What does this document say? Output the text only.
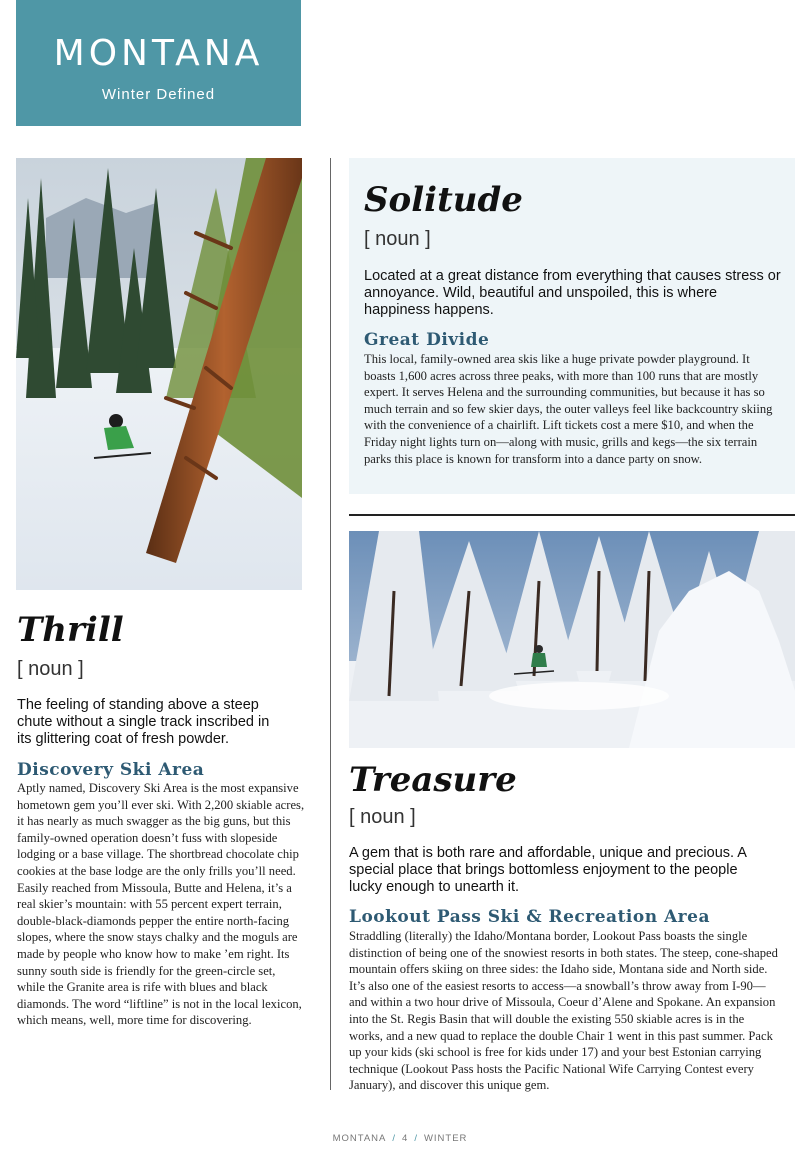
MONTANA
Winter Defined
Solitude
[ noun ]
Located at a great distance from everything that causes stress or annoyance. Wild, beautiful and unspoiled, this is where happiness happens.
Great Divide
This local, family-owned area skis like a huge private powder playground. It boasts 1,600 acres across three peaks, with more than 100 runs that are mostly expert. It serves Helena and the surrounding communities, but because it has so much terrain and so few skier days, the outer valleys feel like backcountry skiing with the convenience of a chairlift. Lift tickets cost a mere $10, and when the Friday night lights turn on—along with music, grills and kegs—the six terrain parks this place is known for transform into a dance party on snow.
Thrill
[ noun ]
The feeling of standing above a steep chute without a single track inscribed in its glittering coat of fresh powder.
Discovery Ski Area
Aptly named, Discovery Ski Area is the most expansive hometown gem you’ll ever ski. With 2,200 skiable acres, it has nearly as much swagger as the big guns, but this family-owned operation doesn’t fuss with slopeside lodging or a base village. The shortbread chocolate chip cookies at the base lodge are the only frills you’ll need. Easily reached from Missoula, Butte and Helena, it’s a real skier’s mountain: with 55 percent expert terrain, double-black-diamonds pepper the entire north-facing slopes, where the snow stays chalky and the moguls are made by people who know how to make ’em right. Its sunny south side is friendly for the green-circle set, while the Granite area is rife with blues and black diamonds. The word “liftline” is not in the local lexicon, which means, well, more time for discovering.
Treasure
[ noun ]
A gem that is both rare and affordable, unique and precious. A special place that brings bottomless enjoyment to the people lucky enough to unearth it.
Lookout Pass Ski & Recreation Area
Straddling (literally) the Idaho/Montana border, Lookout Pass boasts the single distinction of being one of the snowiest resorts in both states. The steep, cone-shaped mountain offers skiing on three sides: the Idaho side, Montana side and North side. It’s also one of the easiest resorts to access—a snowball’s throw away from I-90—and within a two hour drive of Missoula, Coeur d’Alene and Spokane. An expansion into the St. Regis Basin that will double the existing 550 skiable acres is in the works, and a new quad to replace the double Chair 1 went in this past summer. Pack up your kids (ski school is free for kids under 17) and your best Estonian carrying technique (Lookout Pass hosts the Pacific National Wife Carrying Contest every January), and discover this unique gem.
MONTANA / 4 / WINTER
